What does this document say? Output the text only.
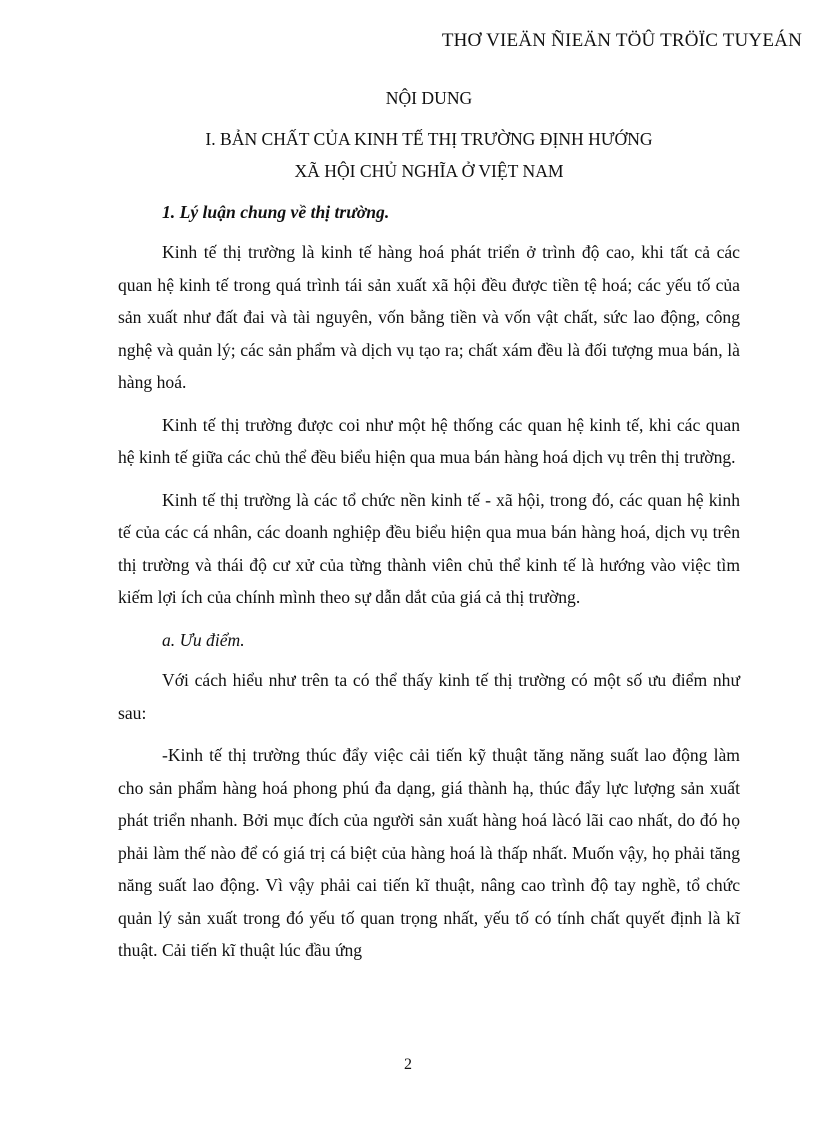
THƠ VIEÄN ÑIEÄN TÖÛ TRÖÏC TUYEÁN
NỘI DUNG

I. BẢN CHẤT CỦA KINH TẾ THỊ TRƯỜNG ĐỊNH HƯỚNG

XÃ HỘI CHỦ NGHĨA Ở VIỆT NAM

1. Lý luận chung về thị trường.

Kinh tế thị trường là kinh tế hàng hoá phát triển ở trình độ cao, khi tất cả các quan hệ kinh tế trong quá trình tái sản xuất xã hội đều được tiền tệ hoá; các yếu tố của sản xuất như đất đai và tài nguyên, vốn bằng tiền và vốn vật chất, sức lao động, công nghệ và quản lý; các sản phẩm và dịch vụ tạo ra; chất xám đều là đối tượng mua bán, là hàng hoá.

Kinh tế thị trường được coi như một hệ thống các quan hệ kinh tế, khi các quan hệ kinh tế giữa các chủ thể đều biểu hiện qua mua bán hàng hoá dịch vụ trên thị trường.

Kinh tế thị trường là các tổ chức nền kinh tế - xã hội, trong đó, các quan hệ kinh tế của các cá nhân, các doanh nghiệp đều biểu hiện qua mua bán hàng hoá, dịch vụ trên thị trường và thái độ cư xử của từng thành viên chủ thể kinh tế là hướng vào việc tìm kiếm lợi ích của chính mình theo sự dẫn dắt của giá cả thị trường.

a. Ưu điểm.

Với cách hiểu như trên ta có thể thấy kinh tế thị trường có một số ưu điểm như sau:

-Kinh tế thị trường thúc đẩy việc cải tiến kỹ thuật tăng năng suất lao động làm cho sản phẩm hàng hoá phong phú đa dạng, giá thành hạ, thúc đẩy lực lượng sản xuất phát triển nhanh. Bởi mục đích của người sản xuất hàng hoá làcó lãi cao nhất, do đó họ phải làm thế nào để có giá trị cá biệt của hàng hoá là thấp nhất. Muốn vậy, họ phải tăng năng suất lao động. Vì vậy phải cai tiến kĩ thuật, nâng cao trình độ tay nghề, tổ chức quản lý sản xuất trong đó yếu tố quan trọng nhất, yếu tố có tính chất quyết định là kĩ thuật. Cải tiến kĩ thuật lúc đầu ứng

2
